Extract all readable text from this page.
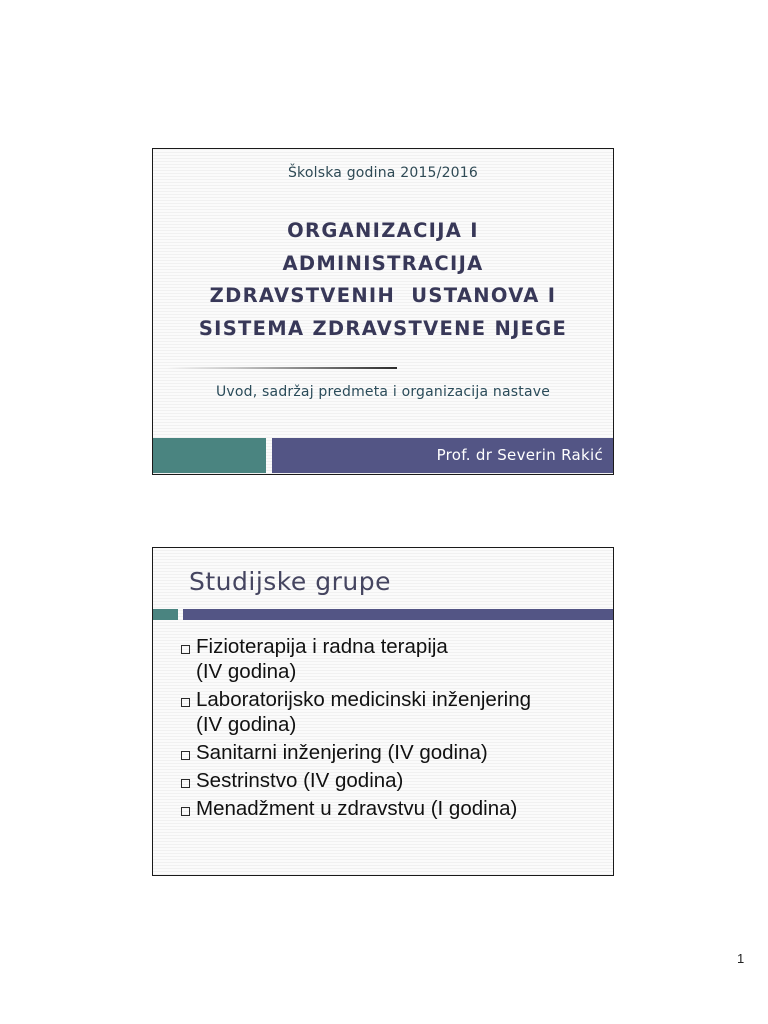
Školska godina 2015/2016
ORGANIZACIJA I
ADMINISTRACIJA
ZDRAVSTVENIH  USTANOVA I
SISTEMA ZDRAVSTVENE NJEGE
Uvod, sadržaj predmeta i organizacija nastave
Prof. dr Severin Rakić
Studijske grupe
Fizioterapija i radna terapija
(IV godina)
Laboratorijsko medicinski inženjering
(IV godina)
Sanitarni inženjering (IV godina)
Sestrinstvo (IV godina)
Menadžment u zdravstvu (I godina)
1
